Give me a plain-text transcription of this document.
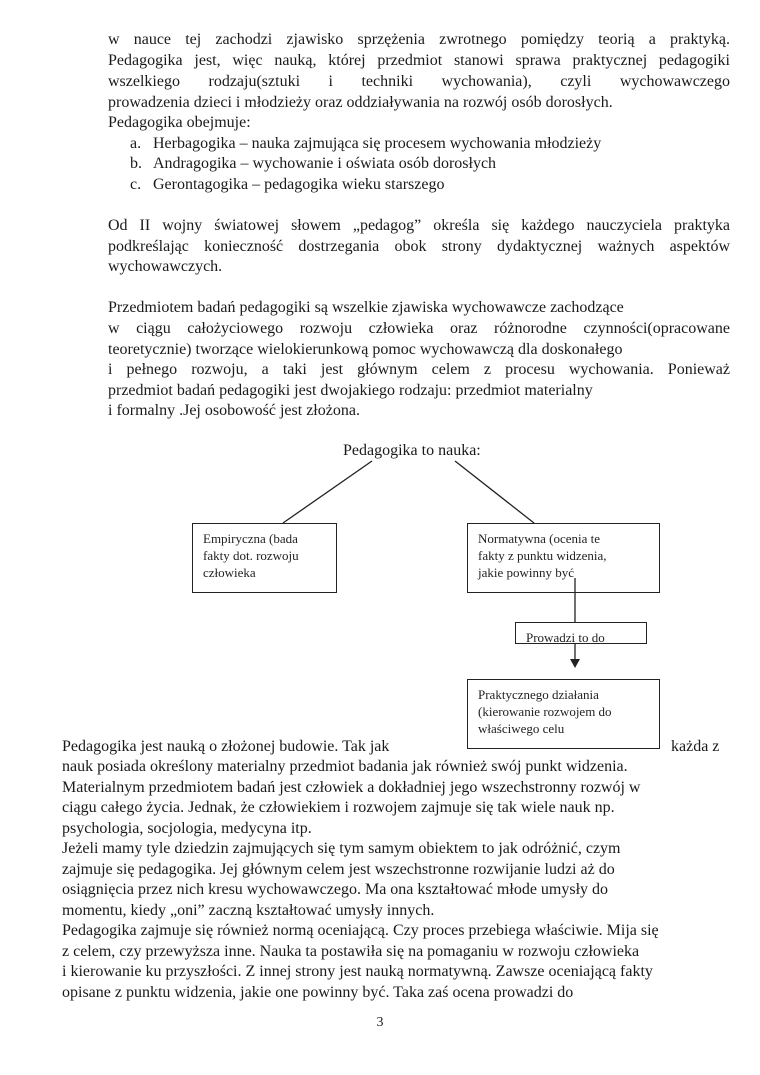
w nauce tej zachodzi zjawisko sprzężenia zwrotnego pomiędzy teorią a praktyką.
Pedagogika jest, więc nauką, której przedmiot stanowi sprawa praktycznej pedagogiki
wszelkiego rodzaju(sztuki i techniki wychowania), czyli wychowawczego
prowadzenia dzieci i młodzieży oraz oddziaływania na rozwój osób dorosłych.
Pedagogika obejmuje:
a. Herbagogika – nauka zajmująca się procesem wychowania młodzieży
b. Andragogika – wychowanie i oświata osób dorosłych
c. Gerontagogika – pedagogika wieku starszego
Od II wojny światowej słowem „pedagog” określa się każdego nauczyciela praktyka
podkreślając konieczność dostrzegania obok strony dydaktycznej ważnych aspektów
wychowawczych.
Przedmiotem badań pedagogiki są wszelkie zjawiska wychowawcze zachodzące
w ciągu całożyciowego rozwoju człowieka oraz różnorodne czynności(opracowane
teoretycznie) tworzące wielokierunkową pomoc wychowawczą dla doskonałego
i pełnego rozwoju, a taki jest głównym celem z procesu wychowania. Ponieważ
przedmiot badań pedagogiki jest dwojakiego rodzaju: przedmiot materialny
i formalny .Jej osobowość jest złożona.
Pedagogika to nauka:
Empiryczna (bada
fakty dot. rozwoju
człowieka
Normatywna (ocenia te
fakty z punktu widzenia,
jakie powinny być
Prowadzi to do
Praktycznego działania
(kierowanie rozwojem do
właściwego celu
Pedagogika jest nauką o złożonej budowie. Tak jak	każda z
nauk posiada określony materialny przedmiot badania jak również swój punkt widzenia.
Materialnym przedmiotem badań jest człowiek a dokładniej jego wszechstronny rozwój w
ciągu całego życia. Jednak, że człowiekiem i rozwojem zajmuje się tak wiele nauk np.
psychologia, socjologia, medycyna itp.
Jeżeli mamy tyle dziedzin zajmujących się tym samym obiektem to jak odróżnić, czym
zajmuje się pedagogika. Jej głównym celem jest wszechstronne rozwijanie ludzi aż do
osiągnięcia przez nich kresu wychowawczego. Ma ona kształtować młode umysły do
momentu, kiedy „oni” zaczną kształtować umysły innych.
Pedagogika zajmuje się również normą oceniającą. Czy proces przebiega właściwie. Mija się
z celem, czy przewyższa inne. Nauka ta postawiła się na pomaganiu w rozwoju człowieka
i kierowanie ku przyszłości. Z innej strony jest nauką normatywną. Zawsze oceniającą fakty
opisane z punktu widzenia, jakie one powinny być. Taka zaś ocena prowadzi do
3
